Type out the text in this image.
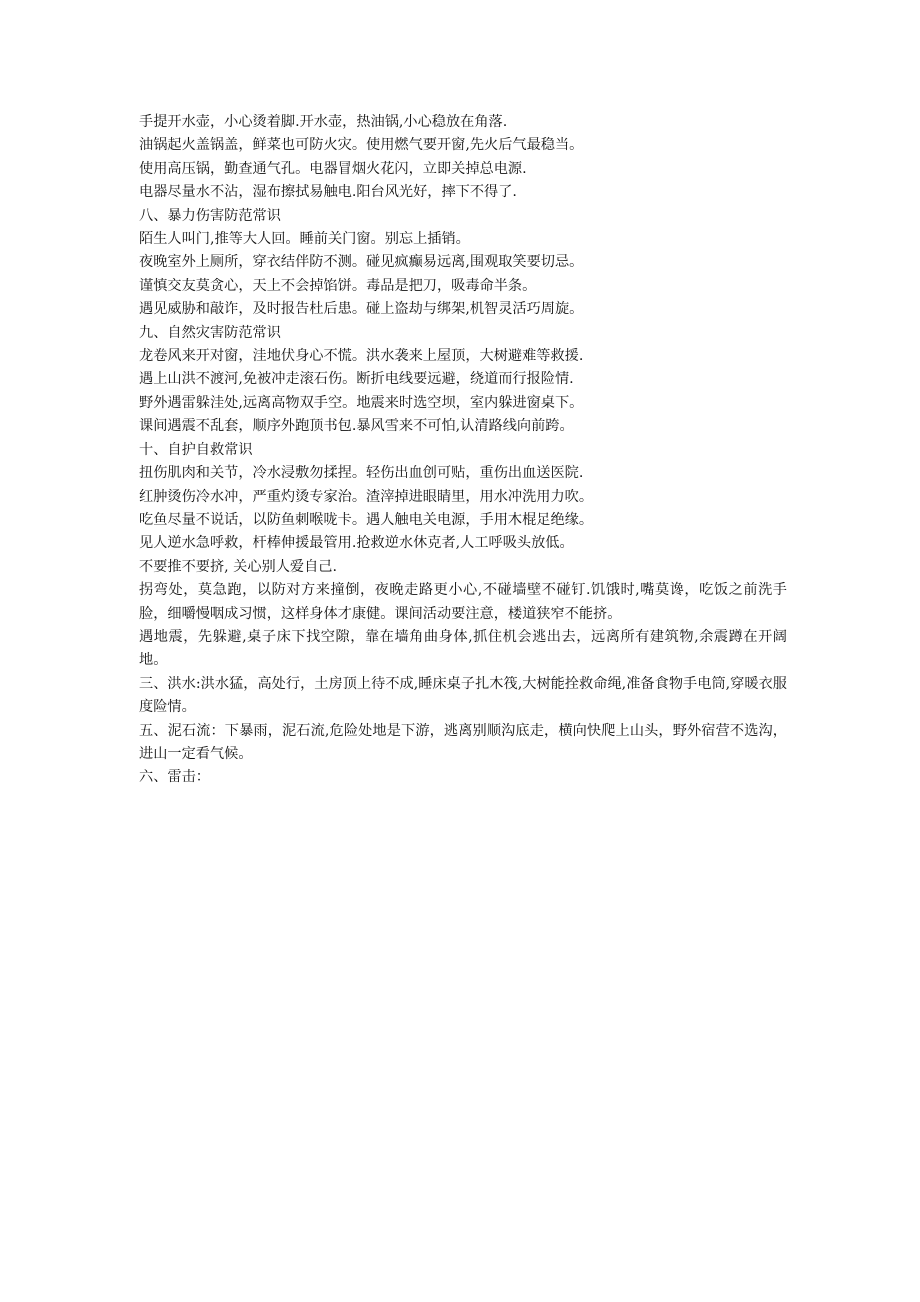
手提开水壶，小心烫着脚.开水壶，热油锅,小心稳放在角落.

油锅起火盖锅盖，鲜菜也可防火灾。使用燃气要开窗,先火后气最稳当。

使用高压锅，勤查通气孔。电器冒烟火花闪，立即关掉总电源.

电器尽量水不沾，湿布擦拭易触电.阳台风光好，摔下不得了.

八、暴力伤害防范常识

陌生人叫门,推等大人回。睡前关门窗。别忘上插销。

夜晚室外上厕所，穿衣结伴防不测。碰见疯癫易远离,围观取笑要切忌。

谨慎交友莫贪心，天上不会掉馅饼。毒品是把刀，吸毒命半条。

遇见威胁和敲诈，及时报告杜后患。碰上盗劫与绑架,机智灵活巧周旋。

九、自然灾害防范常识

龙卷风来开对窗，洼地伏身心不慌。洪水袭来上屋顶，大树避难等救援.

遇上山洪不渡河,免被冲走滚石伤。断折电线要远避，绕道而行报险情.

野外遇雷躲洼处,远离高物双手空。地震来时选空坝，室内躲进窗桌下。

课间遇震不乱套，顺序外跑顶书包.暴风雪来不可怕,认清路线向前跨。

十、自护自救常识

扭伤肌肉和关节，冷水浸敷勿揉捏。轻伤出血创可贴，重伤出血送医院.

红肿烫伤冷水冲，严重灼烫专家治。渣滓掉进眼睛里，用水冲洗用力吹。

吃鱼尽量不说话，以防鱼刺喉咙卡。遇人触电关电源，手用木棍足绝缘。

见人逆水急呼救，杆棒伸援最管用.抢救逆水休克者,人工呼吸头放低。

不要推不要挤, 关心别人爱自己.

拐弯处，莫急跑，以防对方来撞倒，夜晚走路更小心,不碰墙壁不碰钉.饥饿时,嘴莫谗，吃饭之前洗手脸，细嚼慢咽成习惯，这样身体才康健。课间活动要注意，楼道狭窄不能挤。

遇地震，先躲避,桌子床下找空隙，靠在墙角曲身体,抓住机会逃出去，远离所有建筑物,余震蹲在开阔地。

三、洪水:洪水猛，高处行，土房顶上待不成,睡床桌子扎木筏,大树能拴救命绳,准备食物手电筒,穿暖衣服度险情。

五、泥石流：下暴雨，泥石流,危险处地是下游，逃离别顺沟底走，横向快爬上山头，野外宿营不选沟，进山一定看气候。

六、雷击：
